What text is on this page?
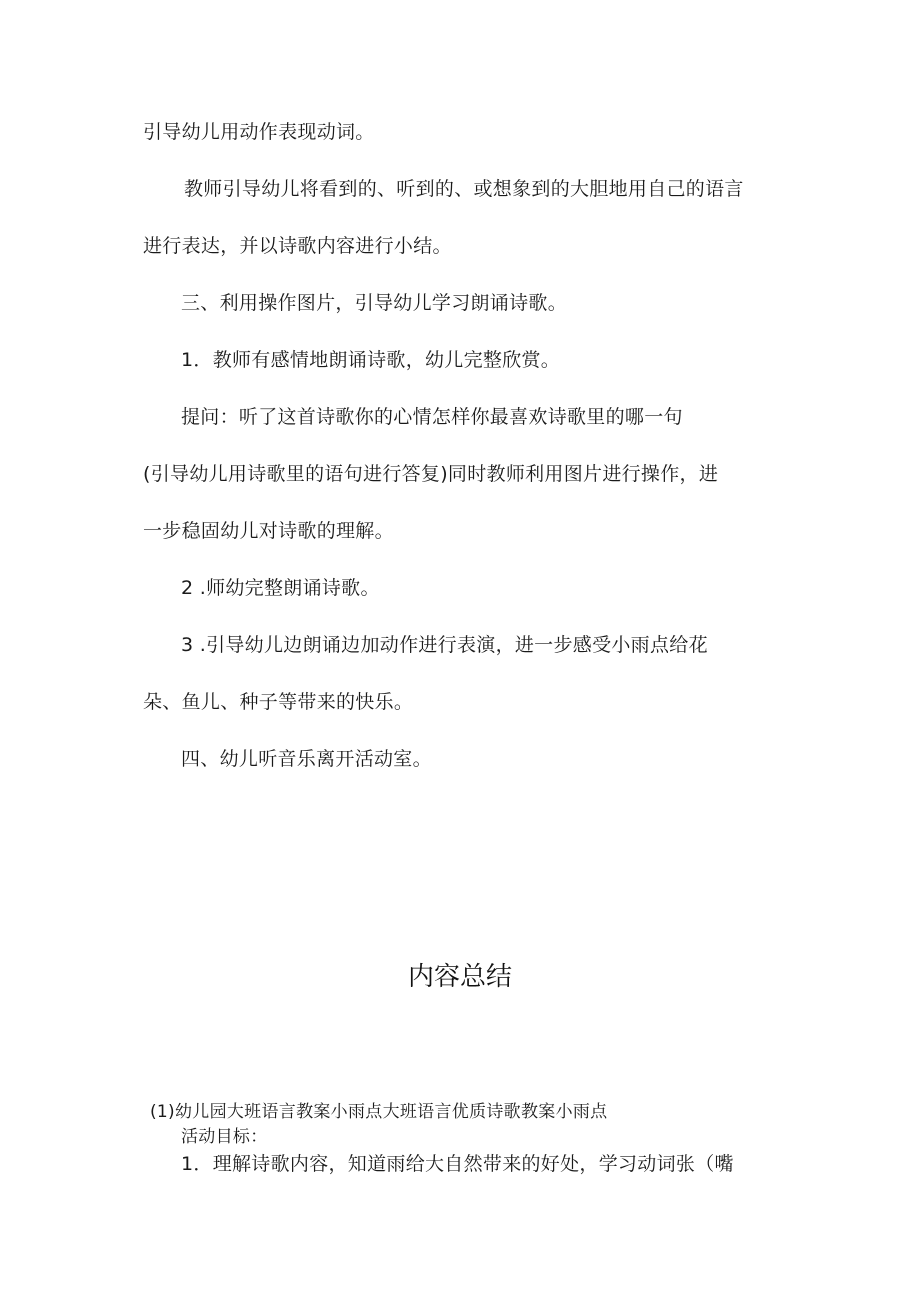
引导幼儿用动作表现动词。
教师引导幼儿将看到的、听到的、或想象到的大胆地用自己的语言
进行表达，并以诗歌内容进行小结。
三、利用操作图片，引导幼儿学习朗诵诗歌。
1．教师有感情地朗诵诗歌，幼儿完整欣赏。
提问：听了这首诗歌你的心情怎样你最喜欢诗歌里的哪一句
(引导幼儿用诗歌里的语句进行答复)同时教师利用图片进行操作，进
一步稳固幼儿对诗歌的理解。
2 .师幼完整朗诵诗歌。
3 .引导幼儿边朗诵边加动作进行表演，进一步感受小雨点给花
朵、鱼儿、种子等带来的快乐。
四、幼儿听音乐离开活动室。
内容总结
(1)幼儿园大班语言教案小雨点大班语言优质诗歌教案小雨点
活动目标：
1．理解诗歌内容，知道雨给大自然带来的好处，学习动词张（嘴
